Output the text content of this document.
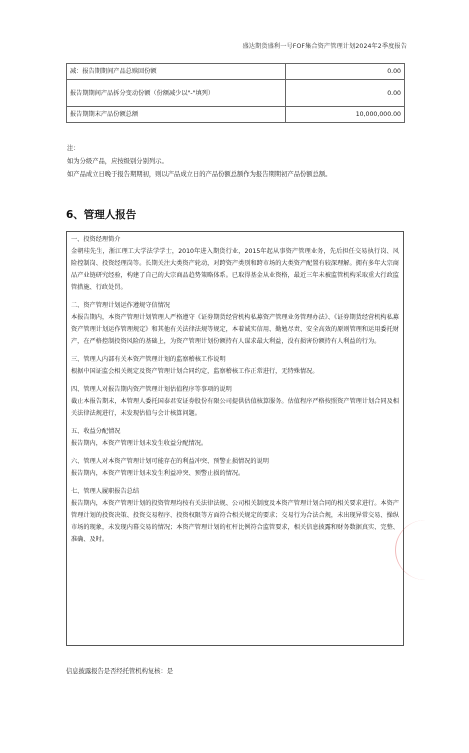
盛达期货盛利一号FOF集合资产管理计划2024年2季度报告
减：报告期期间产品总赎回份额	0.00
报告期期间产品拆分变动份额（份额减少以"-"填列）	0.00
报告期期末产品份额总额	10,000,000.00
注：
如为分级产品，应按级别分别列示。
如产品成立日晚于报告期期初，则以产品成立日的产品份额总额作为报告期期初产品份额总额。
6、管理人报告
一、投资经理简介
金朝珪先生，浙江理工大学法学学士，2010年进入期货行业，2015年起从事资产管理业务，先后担任交易执行岗、风险控制岗、投资经理岗等。长期关注大类资产轮动，对跨资产类别和跨市场的大类资产配置有较深理解。拥有多年大宗商品产业链研究经验，构建了自己的大宗商品趋势策略体系。已取得基金从业资格，最近三年未被监管机构采取重大行政监管措施、行政处罚。
二、资产管理计划运作遵规守信情况
本报告期内，本资产管理计划管理人严格遵守《证券期货经营机构私募资产管理业务管理办法》、《证券期货经营机构私募资产管理计划运作管理规定》和其他有关法律法规等规定，本着诚实信用、勤勉尽责、安全高效的原则管理和运用委托财产，在严格控制投资风险的基础上，为资产管理计划份额持有人谋求最大利益，没有损害份额持有人利益的行为。
三、管理人内部有关本资产管理计划的监察稽核工作说明
根据中国证监会相关规定及资产管理计划合同约定，监察稽核工作正常进行，无特殊情况。
四、管理人对报告期内资产管理计划估值程序等事项的说明
截止本报告期末，本管理人委托国泰君安证券股份有限公司提供估值核算服务。估值程序严格按照资产管理计划合同及相关法律法规进行，未发现估值与会计核算问题。
五、收益分配情况
报告期内，本资产管理计划未发生收益分配情况。
六、管理人对本资产管理计划可能存在的利益冲突、预警止损情况的说明
报告期内，本资产管理计划未发生利益冲突、预警止损的情况。
七、管理人履职报告总结
报告期内，本资产管理计划的投资管理均按有关法律法规、公司相关制度及本资产管理计划合同的相关要求进行。本资产管理计划的投资决策、投资交易程序、投资权限等方面符合相关规定的要求；交易行为合法合规，未出现异常交易、操纵市场的现象，未发现内幕交易的情况；本资产管理计划的杠杆比例符合监管要求，相关信息披露和财务数据真实、完整、准确、及时。
信息披露报告是否经托管机构复核：是
